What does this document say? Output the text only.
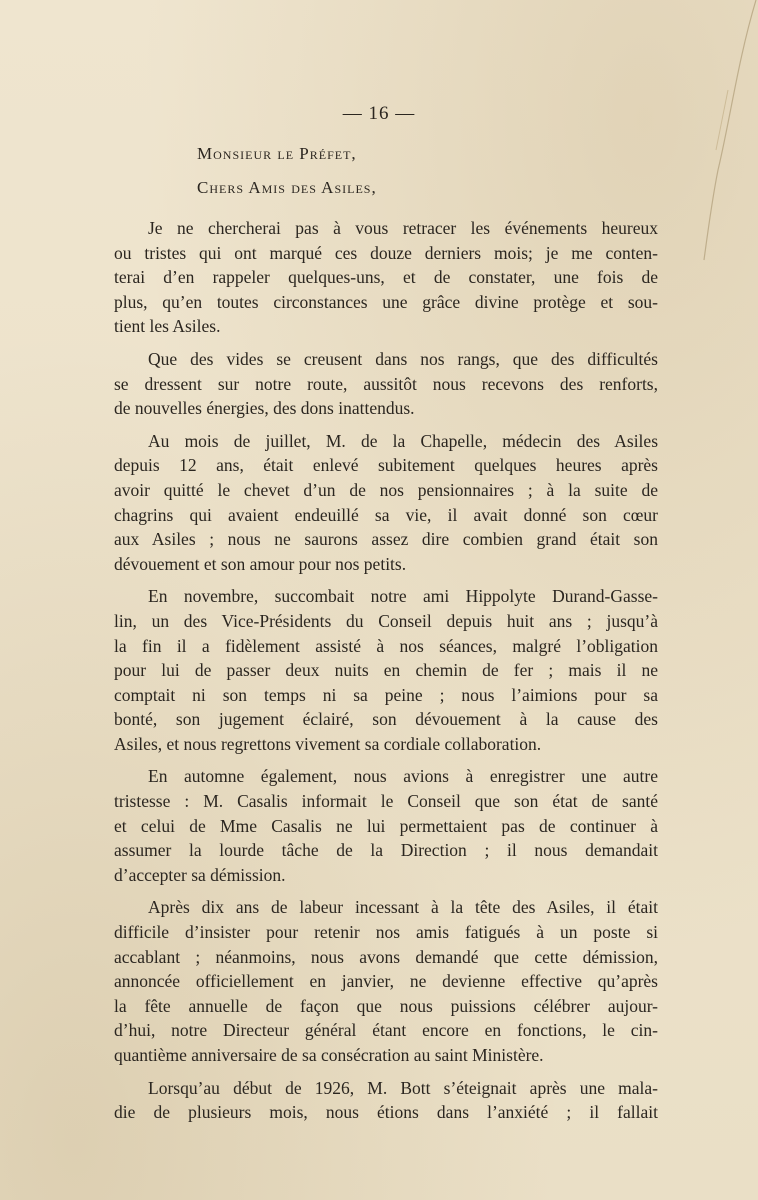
— 16 —
Monsieur le Préfet,
Chers Amis des Asiles,
Je ne chercherai pas à vous retracer les événements heureux
ou tristes qui ont marqué ces douze derniers mois; je me conten-
terai d’en rappeler quelques-uns, et de constater, une fois de
plus, qu’en toutes circonstances une grâce divine protège et sou-
tient les Asiles.
Que des vides se creusent dans nos rangs, que des difficultés
se dressent sur notre route, aussitôt nous recevons des renforts,
de nouvelles énergies, des dons inattendus.
Au mois de juillet, M. de la Chapelle, médecin des Asiles
depuis 12 ans, était enlevé subitement quelques heures après
avoir quitté le chevet d’un de nos pensionnaires ; à la suite de
chagrins qui avaient endeuillé sa vie, il avait donné son cœur
aux Asiles ; nous ne saurons assez dire combien grand était son
dévouement et son amour pour nos petits.
En novembre, succombait notre ami Hippolyte Durand-Gasse-
lin, un des Vice-Présidents du Conseil depuis huit ans ; jusqu’à
la fin il a fidèlement assisté à nos séances, malgré l’obligation
pour lui de passer deux nuits en chemin de fer ; mais il ne
comptait ni son temps ni sa peine ; nous l’aimions pour sa
bonté, son jugement éclairé, son dévouement à la cause des
Asiles, et nous regrettons vivement sa cordiale collaboration.
En automne également, nous avions à enregistrer une autre
tristesse : M. Casalis informait le Conseil que son état de santé
et celui de Mme Casalis ne lui permettaient pas de continuer à
assumer la lourde tâche de la Direction ; il nous demandait
d’accepter sa démission.
Après dix ans de labeur incessant à la tête des Asiles, il était
difficile d’insister pour retenir nos amis fatigués à un poste si
accablant ; néanmoins, nous avons demandé que cette démission,
annoncée officiellement en janvier, ne devienne effective qu’après
la fête annuelle de façon que nous puissions célébrer aujour-
d’hui, notre Directeur général étant encore en fonctions, le cin-
quantième anniversaire de sa consécration au saint Ministère.
Lorsqu’au début de 1926, M. Bott s’éteignait après une mala-
die de plusieurs mois, nous étions dans l’anxiété ; il fallait
